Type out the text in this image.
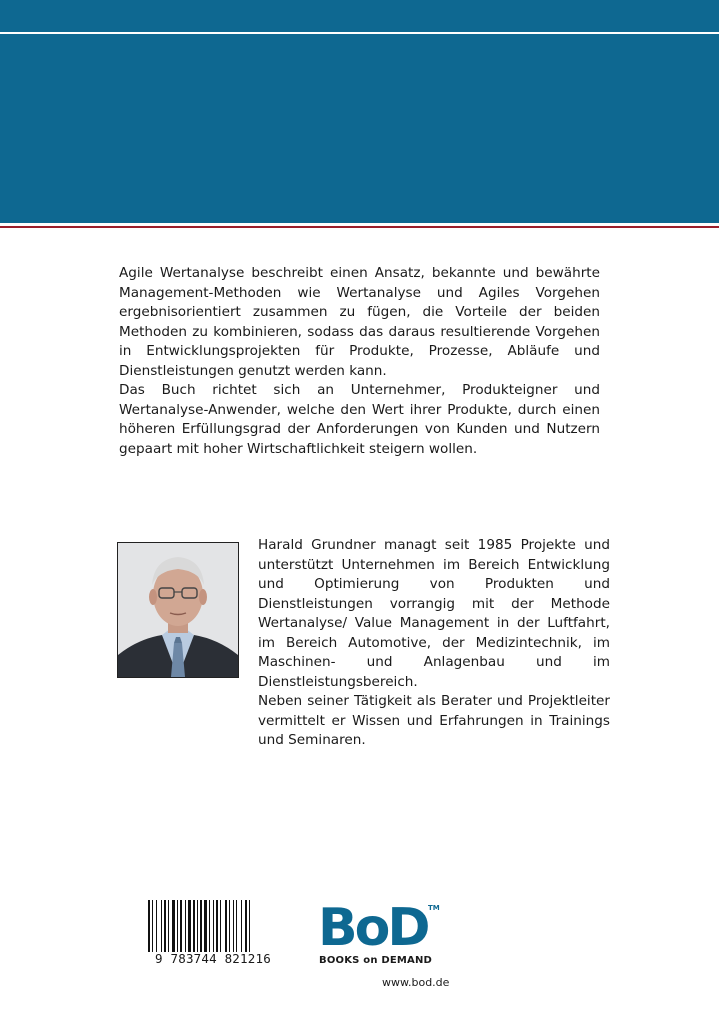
Agile Wertanalyse beschreibt einen Ansatz, bekannte und bewährte Management-Methoden wie Wertanalyse und Agiles Vorgehen ergebnisorientiert zusammen zu fügen, die Vorteile der beiden Methoden zu kombinieren, sodass das daraus resultierende Vorgehen in Entwicklungsprojekten für Produkte, Prozesse, Abläufe und Dienstleistungen genutzt werden kann.

Das Buch richtet sich an Unternehmer, Produkteigner und Wertanalyse-Anwender, welche den Wert ihrer Produkte, durch einen höheren Erfüllungsgrad der Anforderungen von Kunden und Nutzern gepaart mit hoher Wirtschaftlichkeit steigern wollen.

Harald Grundner managt seit 1985 Projekte und unterstützt Unternehmen im Bereich Entwicklung und Optimierung von Produkten und Dienstleistungen vorrangig mit der Methode Wertanalyse/ Value Management in der Luftfahrt, im Bereich Automotive, der Medizintechnik, im Maschinen- und Anlagenbau und im Dienstleistungsbereich.

Neben seiner Tätigkeit als Berater und Projektleiter vermittelt er Wissen und Erfahrungen in Trainings und Seminaren.

9 783744 821216
BoD TM
BOOKS on DEMAND
www.bod.de
